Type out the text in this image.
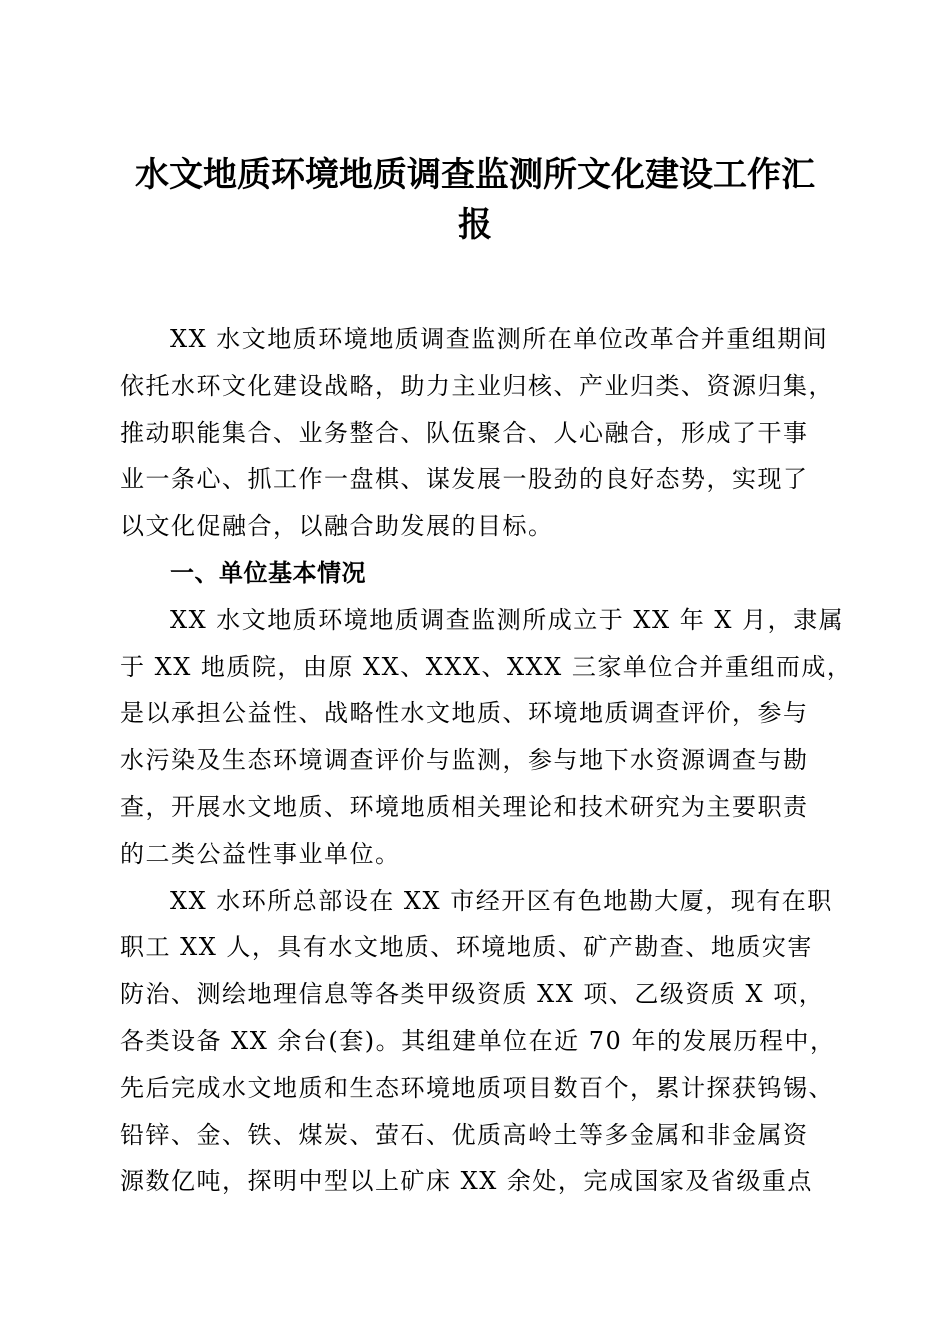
水文地质环境地质调查监测所文化建设工作汇
报
XX 水文地质环境地质调查监测所在单位改革合并重组期间
依托水环文化建设战略，助力主业归核、产业归类、资源归集，
推动职能集合、业务整合、队伍聚合、人心融合，形成了干事
业一条心、抓工作一盘棋、谋发展一股劲的良好态势，实现了
以文化促融合，以融合助发展的目标。
一、单位基本情况
XX 水文地质环境地质调查监测所成立于 XX 年 X 月，隶属
于 XX 地质院，由原 XX、XXX、XXX 三家单位合并重组而成，
是以承担公益性、战略性水文地质、环境地质调查评价，参与
水污染及生态环境调查评价与监测，参与地下水资源调查与勘
查，开展水文地质、环境地质相关理论和技术研究为主要职责
的二类公益性事业单位。
XX 水环所总部设在 XX 市经开区有色地勘大厦，现有在职
职工 XX 人，具有水文地质、环境地质、矿产勘查、地质灾害
防治、测绘地理信息等各类甲级资质 XX 项、乙级资质 X 项，
各类设备 XX 余台(套)。其组建单位在近 70 年的发展历程中，
先后完成水文地质和生态环境地质项目数百个，累计探获钨锡、
铅锌、金、铁、煤炭、萤石、优质高岭土等多金属和非金属资
源数亿吨，探明中型以上矿床 XX 余处，完成国家及省级重点
